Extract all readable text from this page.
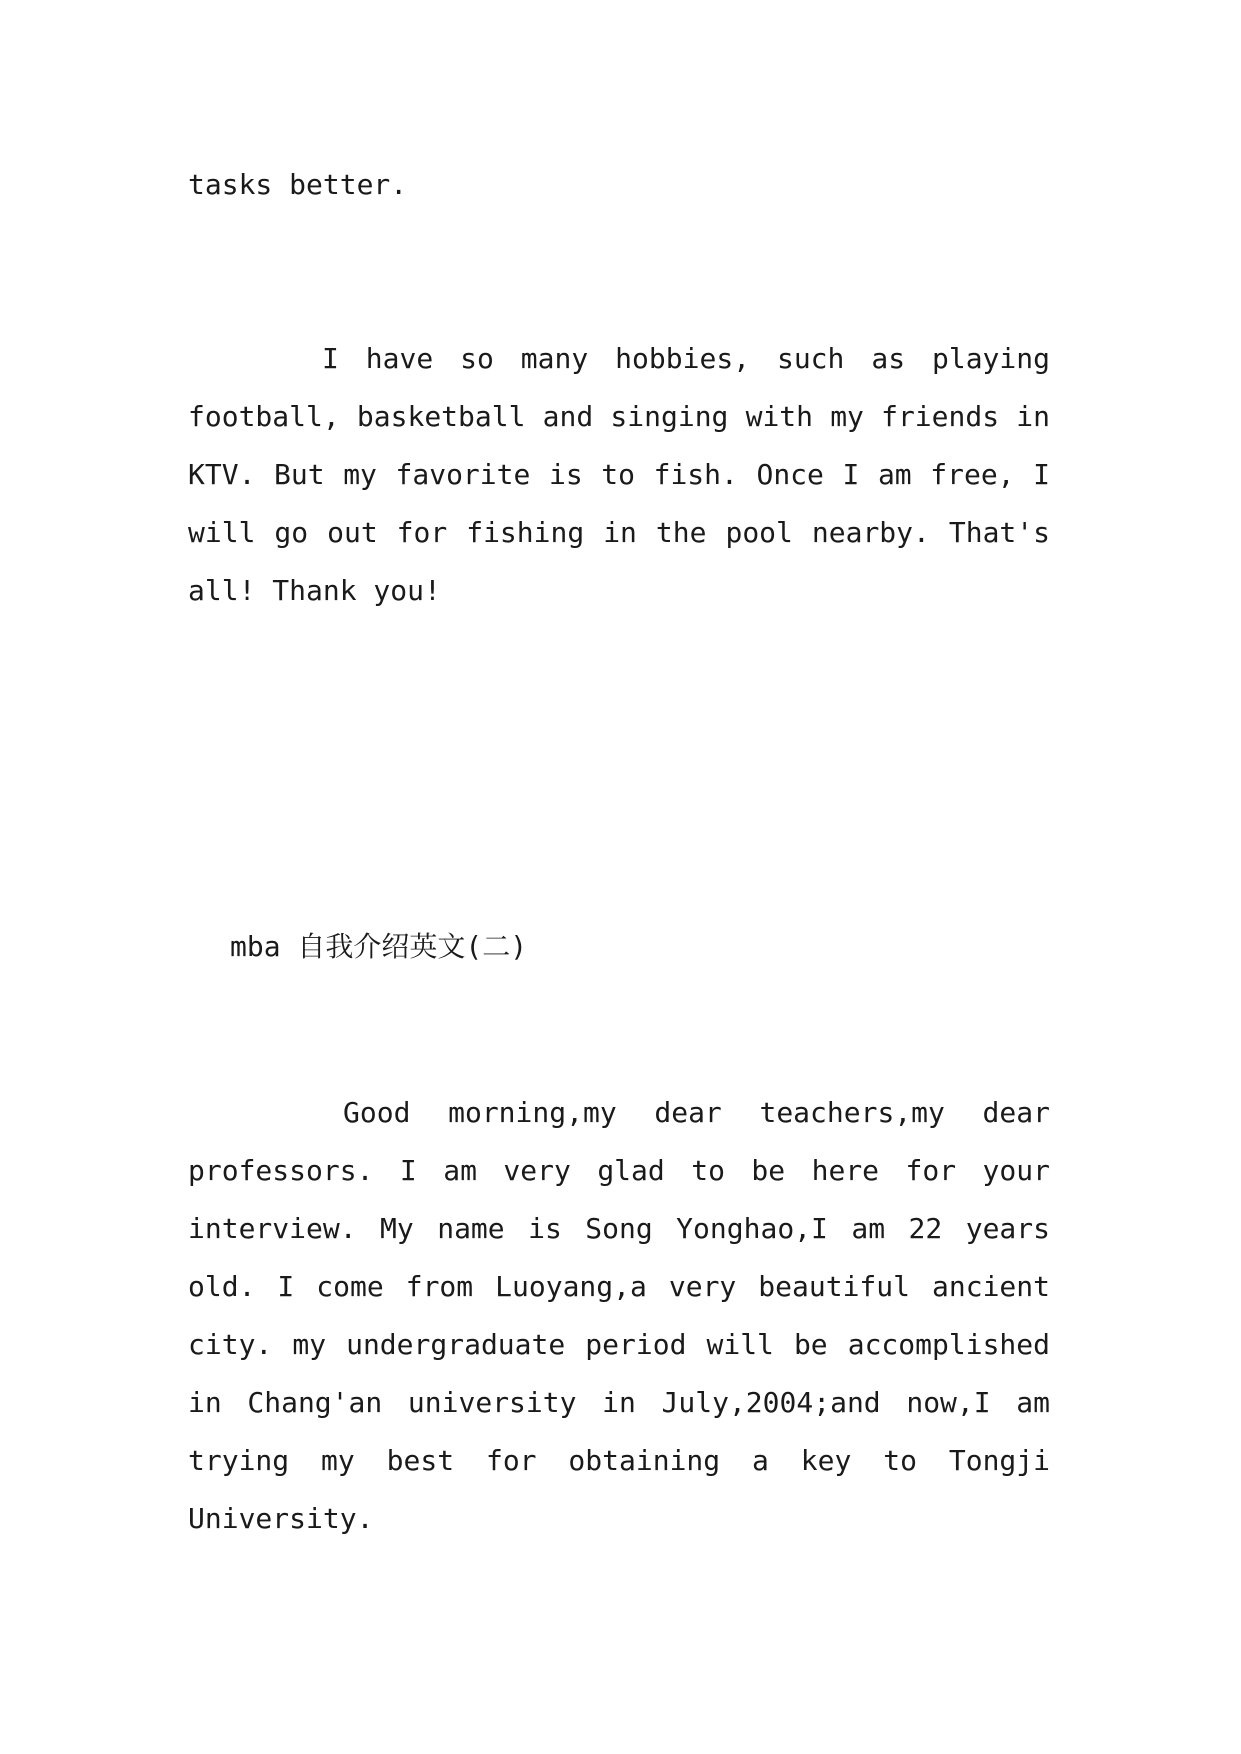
tasks better.

I have so many hobbies, such as playing

football, basketball and singing with my friends in

KTV. But my favorite is to fish. Once I am free, I

will go out for fishing in the pool nearby. That's

all! Thank you!

mba 自我介绍英文(二)

Good morning,my dear teachers,my dear

professors. I am very glad to be here for your

interview. My name is Song Yonghao,I am 22 years

old. I come from Luoyang,a very beautiful ancient

city. my undergraduate period will be accomplished

in Chang'an university in July,2004;and now,I am

trying my best for obtaining a key to Tongji

University.
